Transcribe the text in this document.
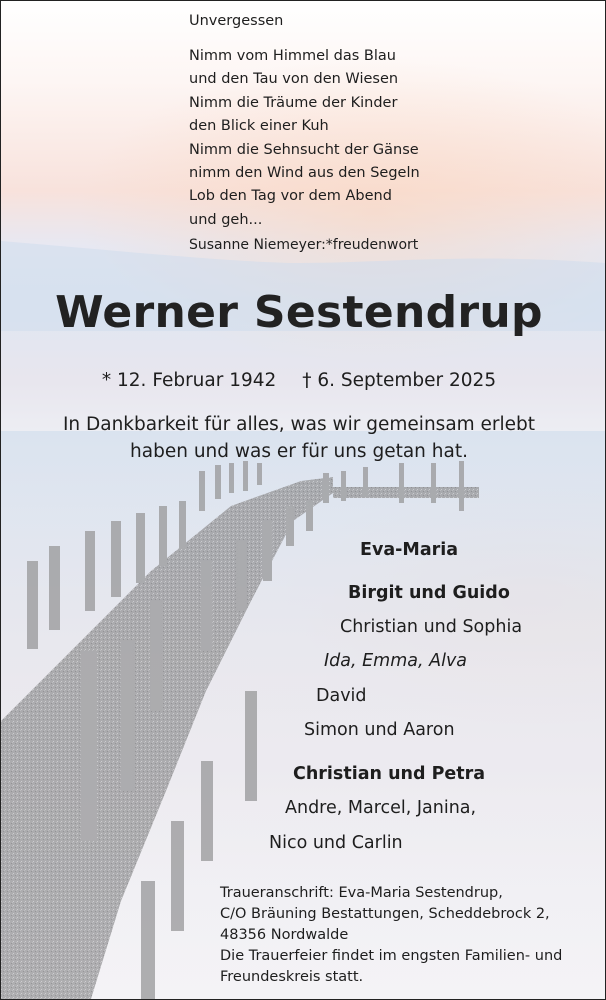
Unvergessen

Nimm vom Himmel das Blau
und den Tau von den Wiesen
Nimm die Träume der Kinder
den Blick einer Kuh
Nimm die Sehnsucht der Gänse
nimm den Wind aus den Segeln
Lob den Tag vor dem Abend
und geh...

Susanne Niemeyer:*freudenwort

Werner Sestendrup

* 12. Februar 1942 † 6. September 2025

In Dankbarkeit für alles, was wir gemeinsam erlebt
haben und was er für uns getan hat.

Eva-Maria

Birgit und Guido

Christian und Sophia

Ida, Emma, Alva

David

Simon und Aaron

Christian und Petra

Andre, Marcel, Janina,

Nico und Carlin

Traueranschrift: Eva-Maria Sestendrup,
C/O Bräuning Bestattungen, Scheddebrock 2,
48356 Nordwalde
Die Trauerfeier findet im engsten Familien- und
Freundeskreis statt.
